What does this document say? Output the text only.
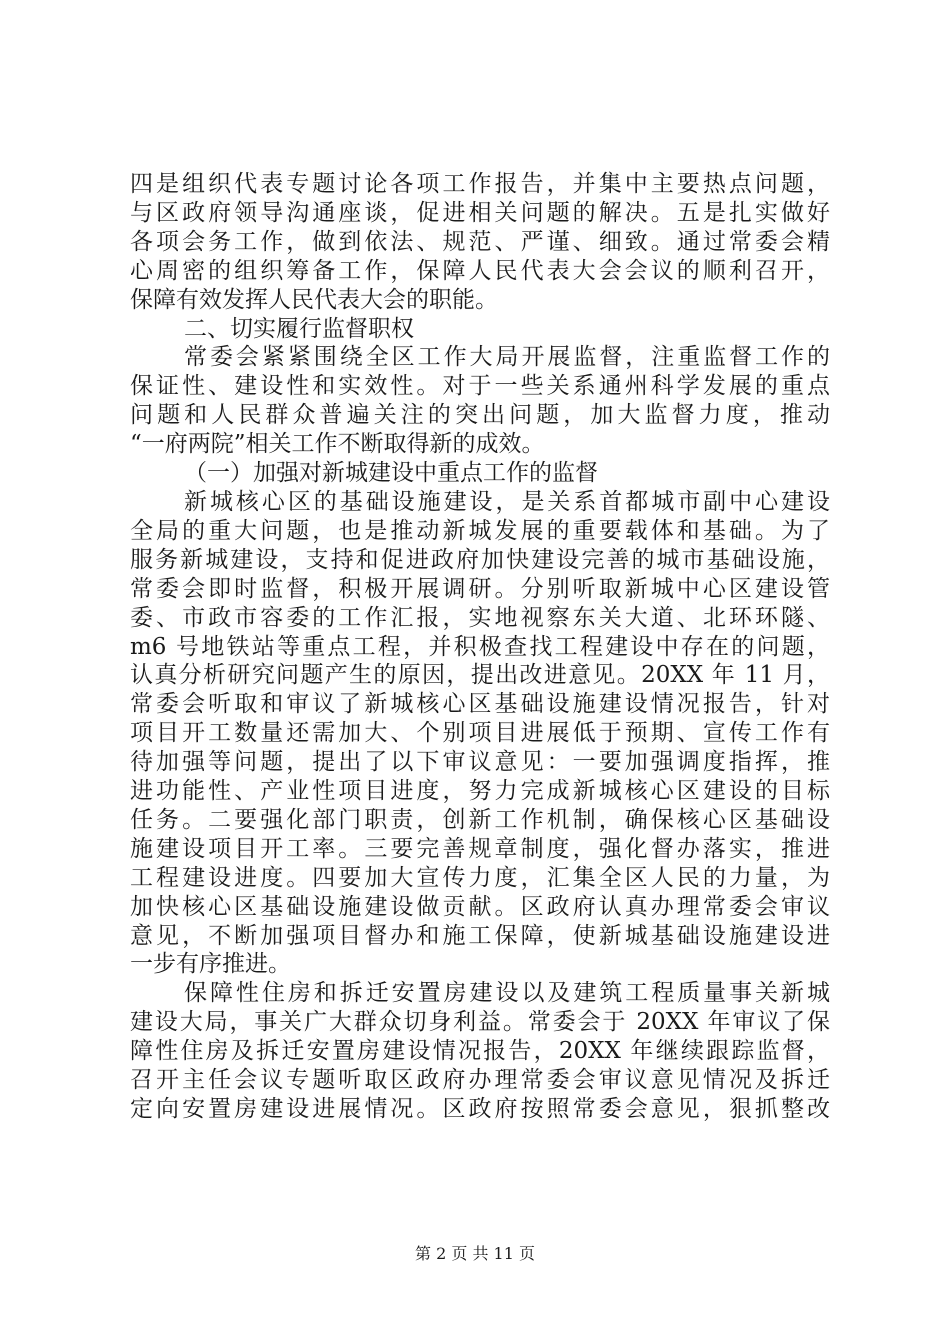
四是组织代表专题讨论各项工作报告，并集中主要热点问题，
与区政府领导沟通座谈，促进相关问题的解决。五是扎实做好
各项会务工作，做到依法、规范、严谨、细致。通过常委会精
心周密的组织筹备工作，保障人民代表大会会议的顺利召开，
保障有效发挥人民代表大会的职能。
二、切实履行监督职权
常委会紧紧围绕全区工作大局开展监督，注重监督工作的
保证性、建设性和实效性。对于一些关系通州科学发展的重点
问题和人民群众普遍关注的突出问题，加大监督力度，推动
“一府两院”相关工作不断取得新的成效。
（一）加强对新城建设中重点工作的监督
新城核心区的基础设施建设，是关系首都城市副中心建设
全局的重大问题，也是推动新城发展的重要载体和基础。为了
服务新城建设，支持和促进政府加快建设完善的城市基础设施，
常委会即时监督，积极开展调研。分别听取新城中心区建设管
委、市政市容委的工作汇报，实地视察东关大道、北环环隧、
m6 号地铁站等重点工程，并积极查找工程建设中存在的问题，
认真分析研究问题产生的原因，提出改进意见。20XX 年 11 月，
常委会听取和审议了新城核心区基础设施建设情况报告，针对
项目开工数量还需加大、个别项目进展低于预期、宣传工作有
待加强等问题，提出了以下审议意见：一要加强调度指挥，推
进功能性、产业性项目进度，努力完成新城核心区建设的目标
任务。二要强化部门职责，创新工作机制，确保核心区基础设
施建设项目开工率。三要完善规章制度，强化督办落实，推进
工程建设进度。四要加大宣传力度，汇集全区人民的力量，为
加快核心区基础设施建设做贡献。区政府认真办理常委会审议
意见，不断加强项目督办和施工保障，使新城基础设施建设进
一步有序推进。
保障性住房和拆迁安置房建设以及建筑工程质量事关新城
建设大局，事关广大群众切身利益。常委会于 20XX 年审议了保
障性住房及拆迁安置房建设情况报告，20XX 年继续跟踪监督，
召开主任会议专题听取区政府办理常委会审议意见情况及拆迁
定向安置房建设进展情况。区政府按照常委会意见，狠抓整改
第 2 页 共 11 页
